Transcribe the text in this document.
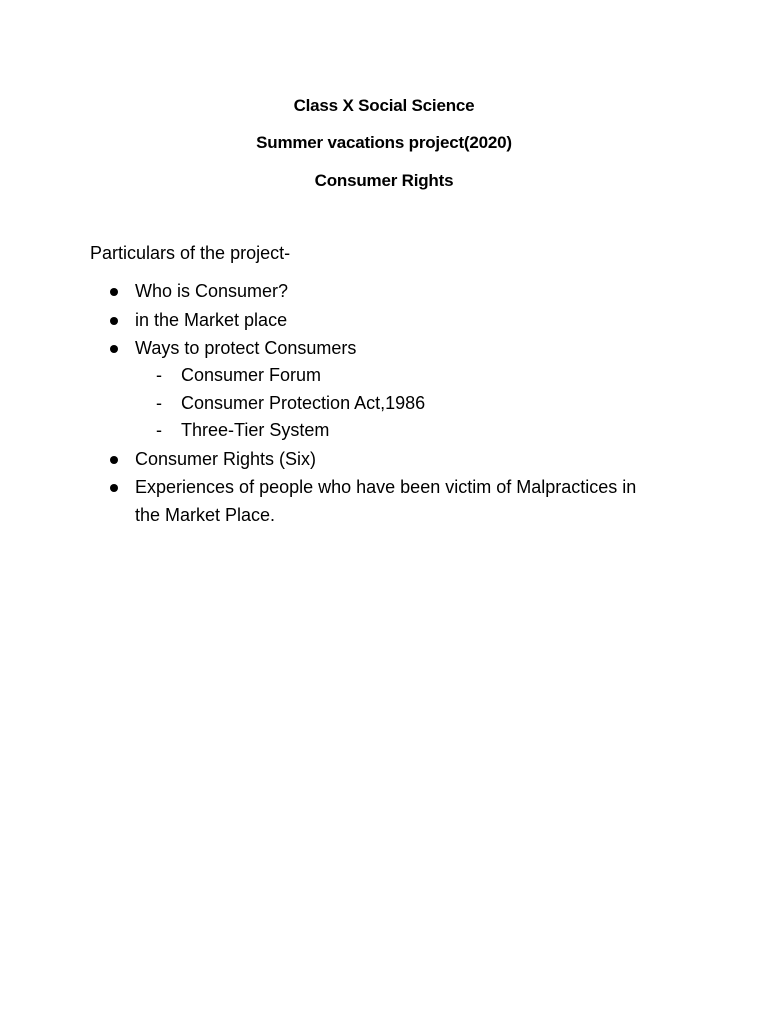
Class X Social Science
Summer vacations project(2020)
Consumer Rights
Particulars of the project-
Who is Consumer?
in the Market place
Ways to protect Consumers
- Consumer Forum
- Consumer Protection Act,1986
- Three-Tier System
Consumer Rights (Six)
Experiences of people who have been victim of Malpractices in the Market Place.
